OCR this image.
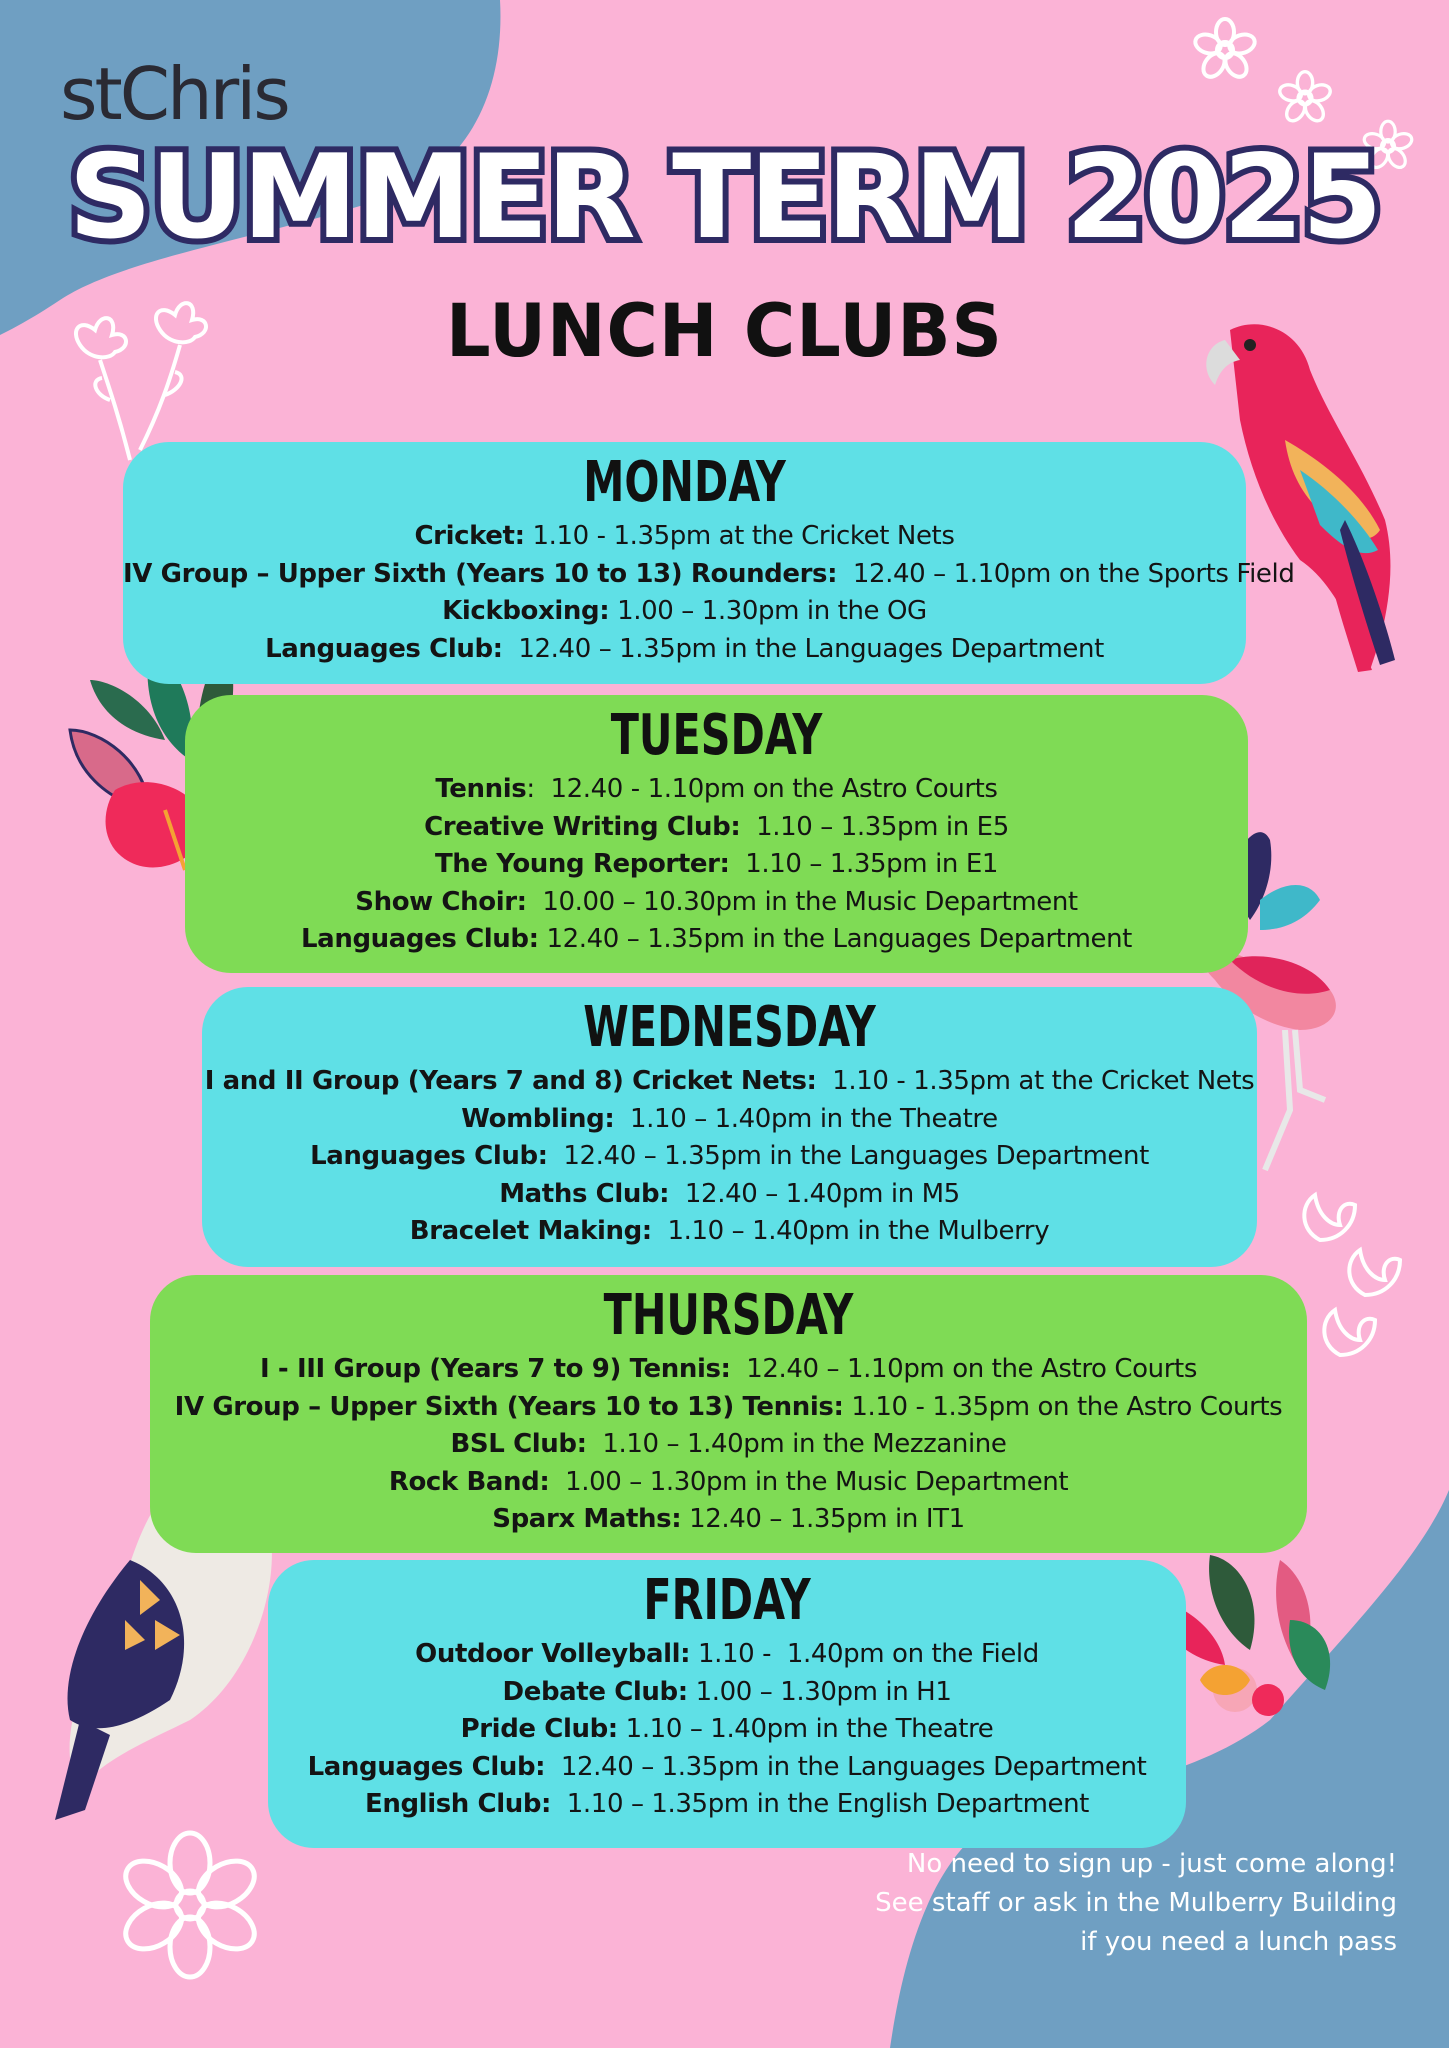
stChris
SUMMER TERM 2025
LUNCH CLUBS
MONDAY
Cricket: 1.10 - 1.35pm at the Cricket Nets
IV Group – Upper Sixth (Years 10 to 13) Rounders:  12.40 – 1.10pm on the Sports Field
Kickboxing: 1.00 – 1.30pm in the OG
Languages Club:  12.40 – 1.35pm in the Languages Department
TUESDAY
Tennis:  12.40 - 1.10pm on the Astro Courts
Creative Writing Club:  1.10 – 1.35pm in E5
The Young Reporter:  1.10 – 1.35pm in E1
Show Choir:  10.00 – 10.30pm in the Music Department
Languages Club: 12.40 – 1.35pm in the Languages Department
WEDNESDAY
I and II Group (Years 7 and 8) Cricket Nets:  1.10 - 1.35pm at the Cricket Nets
Wombling:  1.10 – 1.40pm in the Theatre
Languages Club:  12.40 – 1.35pm in the Languages Department
Maths Club:  12.40 – 1.40pm in M5
Bracelet Making:  1.10 – 1.40pm in the Mulberry
THURSDAY
I - III Group (Years 7 to 9) Tennis:  12.40 – 1.10pm on the Astro Courts
IV Group – Upper Sixth (Years 10 to 13) Tennis: 1.10 - 1.35pm on the Astro Courts
BSL Club:  1.10 – 1.40pm in the Mezzanine
Rock Band:  1.00 – 1.30pm in the Music Department
Sparx Maths: 12.40 – 1.35pm in IT1
FRIDAY
Outdoor Volleyball: 1.10 -  1.40pm on the Field
Debate Club: 1.00 – 1.30pm in H1
Pride Club: 1.10 – 1.40pm in the Theatre
Languages Club:  12.40 – 1.35pm in the Languages Department
English Club:  1.10 – 1.35pm in the English Department
No need to sign up - just come along!
See staff or ask in the Mulberry Building
if you need a lunch pass
